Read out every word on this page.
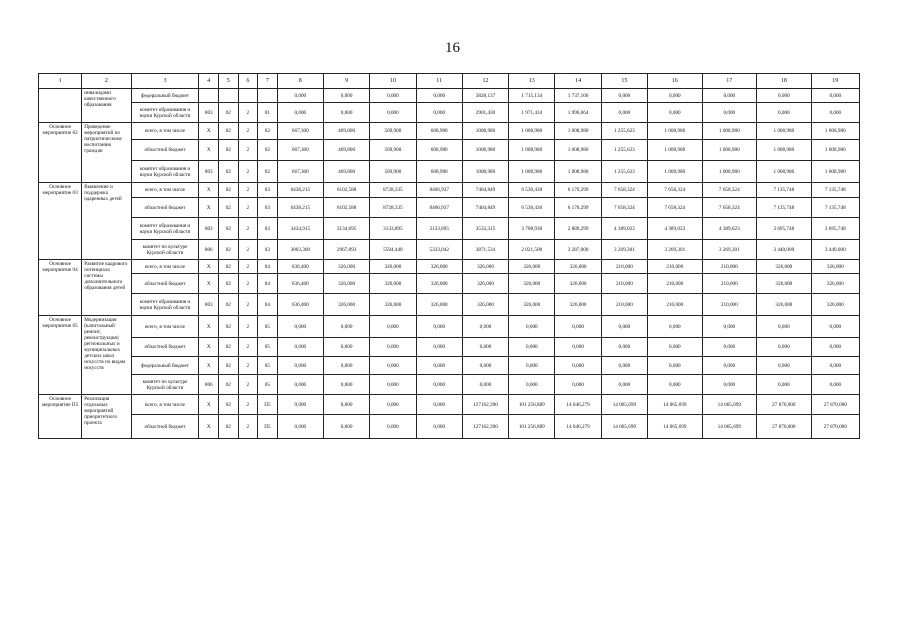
16
1	2	3	4	5	6	7	8	9	10	11	12	13	14	15	16	17	18	19
	инвалидами качественного образования	федеральный бюджет					0,000	0,000	0,000	0,000	3828,137	1 715,134	1 737,100	0,000	0,000	0,000	0,000	0,000
		комитет образования и науки Курской области	803	02	2	01	0,000	0,000	0,000	0,000	2901,430	1 971,434	1 996,664	0,000	0,000	0,000	0,000	0,000
Основное мероприятие 02	Проведение мероприятий по патриотическому воспитанию граждан	всего, в том числе	X	02	2	02	667,300	469,800	569,900	608,980	1008,980	1 008,980	1 008,980	1 255,623	1 008,980	1 008,980	1 008,980	1 008,980
		областной бюджет	X	02	2	02	667,300	469,800	569,900	608,980	1008,980	1 008,980	1 008,980	1 255,623	1 008,980	1 008,980	1 008,980	1 008,980
		комитет образования и науки Курской области	803	02	2	02	667,300	469,800	569,900	608,980	1008,980	1 008,980	1 008,980	1 255,623	1 008,980	1 008,980	1 008,980	1 008,980
Основное мероприятие 03	Выявление и поддержка одаренных детей	всего, в том числе	X	02	2	03	6438,215	6102,588	8728,335	8466,937	7404,849	6 530,430	6 176,299	7 658,324	7 658,324	7 658,324	7 135,748	7 135,748
		областной бюджет	X	02	2	03	6438,215	6102,588	8728,335	8466,937	7404,849	6 530,430	6 176,299	7 658,324	7 658,324	7 658,324	7 135,748	7 135,748
		комитет образования и науки Курской области	803	02	2	03	3434,915	3134,695	3133,895	3133,895	3533,315	3 708,930	2 889,299	4 389,023	4 389,023	4 389,023	3 695,748	3 695,748
		комитет по культуре Курской области	806	02	2	03	3003,300	2967,893	5594,440	5333,042	3871,534	2 821,500	3 287,000	3 269,301	3 269,301	3 269,301	3 440,000	3 440,000
Основное мероприятие 04	Развитие кадрового потенциала системы дополнительного образования детей	всего, в том числе	X	02	2	04	636,400	326,000	326,000	326,000	326,000	326,000	326,000	210,000	210,000	210,000	326,000	326,000
		областной бюджет	X	02	2	04	636,400	326,000	326,000	326,000	326,000	326,000	326,000	210,000	210,000	210,000	326,000	326,000
		комитет образования и науки Курской области	803	02	2	04	636,400	326,000	326,000	326,000	326,000	326,000	326,000	210,000	210,000	210,000	326,000	326,000
Основное мероприятие 05	Модернизация (капитальный ремонт, реконструкция) региональных и муниципальных детских школ искусств по видам искусств	всего, в том числе	X	02	2	05	0,000	0,000	0,000	0,000	0,000	0,000	0,000	0,000	0,000	0,000	0,000	0,000
		областной бюджет	X	02	2	05	0,000	0,000	0,000	0,000	0,000	0,000	0,000	0,000	0,000	0,000	0,000	0,000
		федеральный бюджет	X	02	2	05	0,000	0,000	0,000	0,000	0,000	0,000	0,000	0,000	0,000	0,000	0,000	0,000
		комитет по культуре Курской области	806	02	2	05	0,000	0,000	0,000	0,000	0,000	0,000	0,000	0,000	0,000	0,000	0,000	0,000
Основное мероприятие П5	Реализация отдельных мероприятий приоритетного проекта	всего, в том числе	X	02	2	П5	0,000	0,000	0,000	0,000	127162,390	101 256,889	14 046,279	14 065,699	14 065,699	14 065,699	27 870,000	27 870,000
		областной бюджет	X	02	2	П5	0,000	0,000	0,000	0,000	127162,390	101 256,889	14 046,279	14 065,699	14 065,699	14 065,699	27 870,000	27 870,000
